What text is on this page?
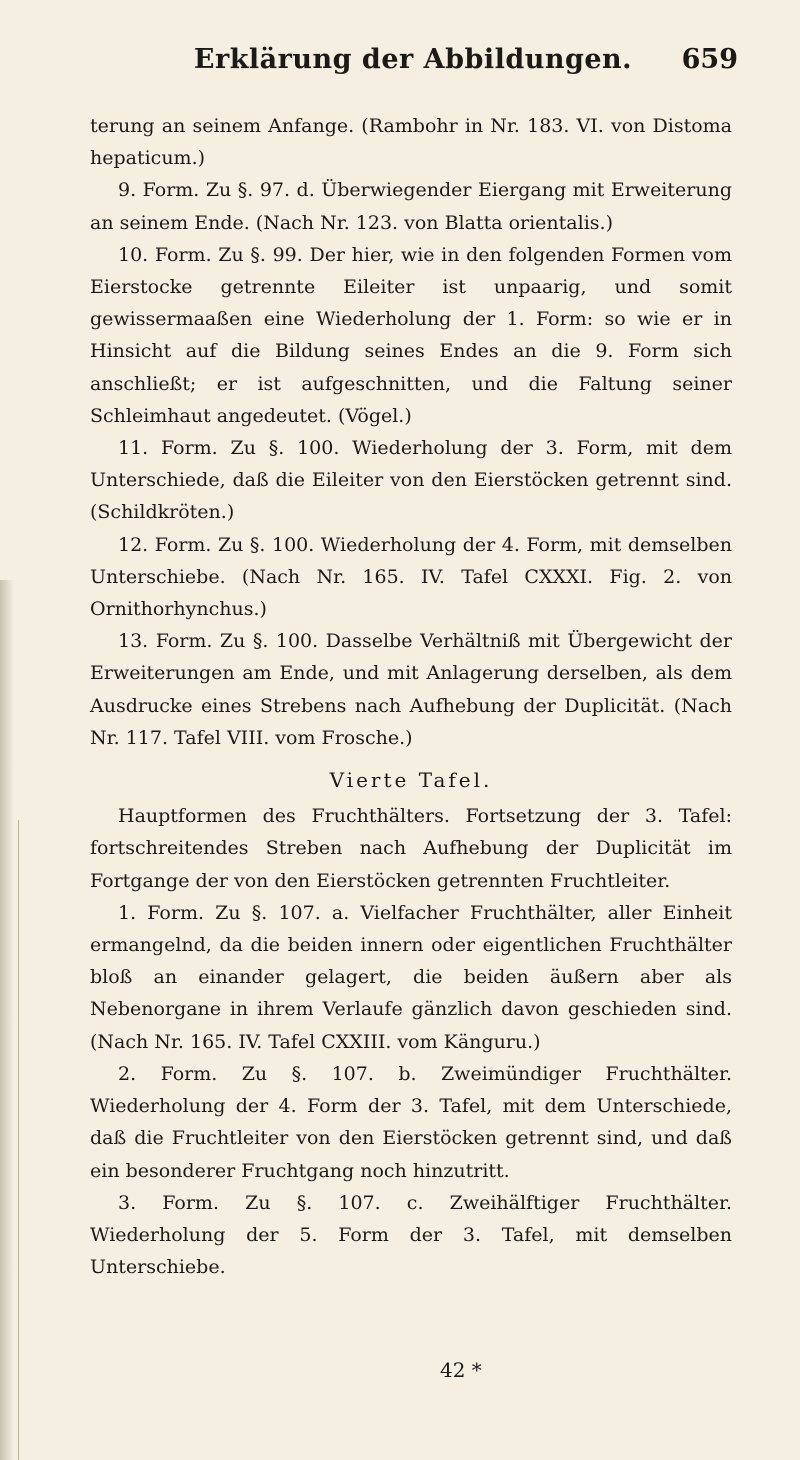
Erklärung der Abbildungen.	659

terung an seinem Anfange. (Rambohr in Nr. 183. VI. von Distoma hepaticum.)

9. Form. Zu §. 97. d. Überwiegender Eiergang mit Erweiterung an seinem Ende. (Nach Nr. 123. von Blatta orientalis.)

10. Form. Zu §. 99. Der hier, wie in den folgenden Formen vom Eierstocke getrennte Eileiter ist unpaarig, und somit gewissermaaßen eine Wiederholung der 1. Form: so wie er in Hinsicht auf die Bildung seines Endes an die 9. Form sich anschließt; er ist aufgeschnitten, und die Faltung seiner Schleimhaut angedeutet. (Vögel.)

11. Form. Zu §. 100. Wiederholung der 3. Form, mit dem Unterschiede, daß die Eileiter von den Eierstöcken getrennt sind. (Schildkröten.)

12. Form. Zu §. 100. Wiederholung der 4. Form, mit demselben Unterschiebe. (Nach Nr. 165. IV. Tafel CXXXI. Fig. 2. von Ornithorhynchus.)

13. Form. Zu §. 100. Dasselbe Verhältniß mit Übergewicht der Erweiterungen am Ende, und mit Anlagerung derselben, als dem Ausdrucke eines Strebens nach Aufhebung der Duplicität. (Nach Nr. 117. Tafel VIII. vom Frosche.)

Vierte Tafel.

Hauptformen des Fruchthälters. Fortsetzung der 3. Tafel: fortschreitendes Streben nach Aufhebung der Duplicität im Fortgange der von den Eierstöcken getrennten Fruchtleiter.

1. Form. Zu §. 107. a. Vielfacher Fruchthälter, aller Einheit ermangelnd, da die beiden innern oder eigentlichen Fruchthälter bloß an einander gelagert, die beiden äußern aber als Nebenorgane in ihrem Verlaufe gänzlich davon geschieden sind. (Nach Nr. 165. IV. Tafel CXXIII. vom Känguru.)

2. Form. Zu §. 107. b. Zweimündiger Fruchthälter. Wiederholung der 4. Form der 3. Tafel, mit dem Unterschiede, daß die Fruchtleiter von den Eierstöcken getrennt sind, und daß ein besonderer Fruchtgang noch hinzutritt.

3. Form. Zu §. 107. c. Zweihälftiger Fruchthälter. Wiederholung der 5. Form der 3. Tafel, mit demselben Unterschiebe.

42 *
